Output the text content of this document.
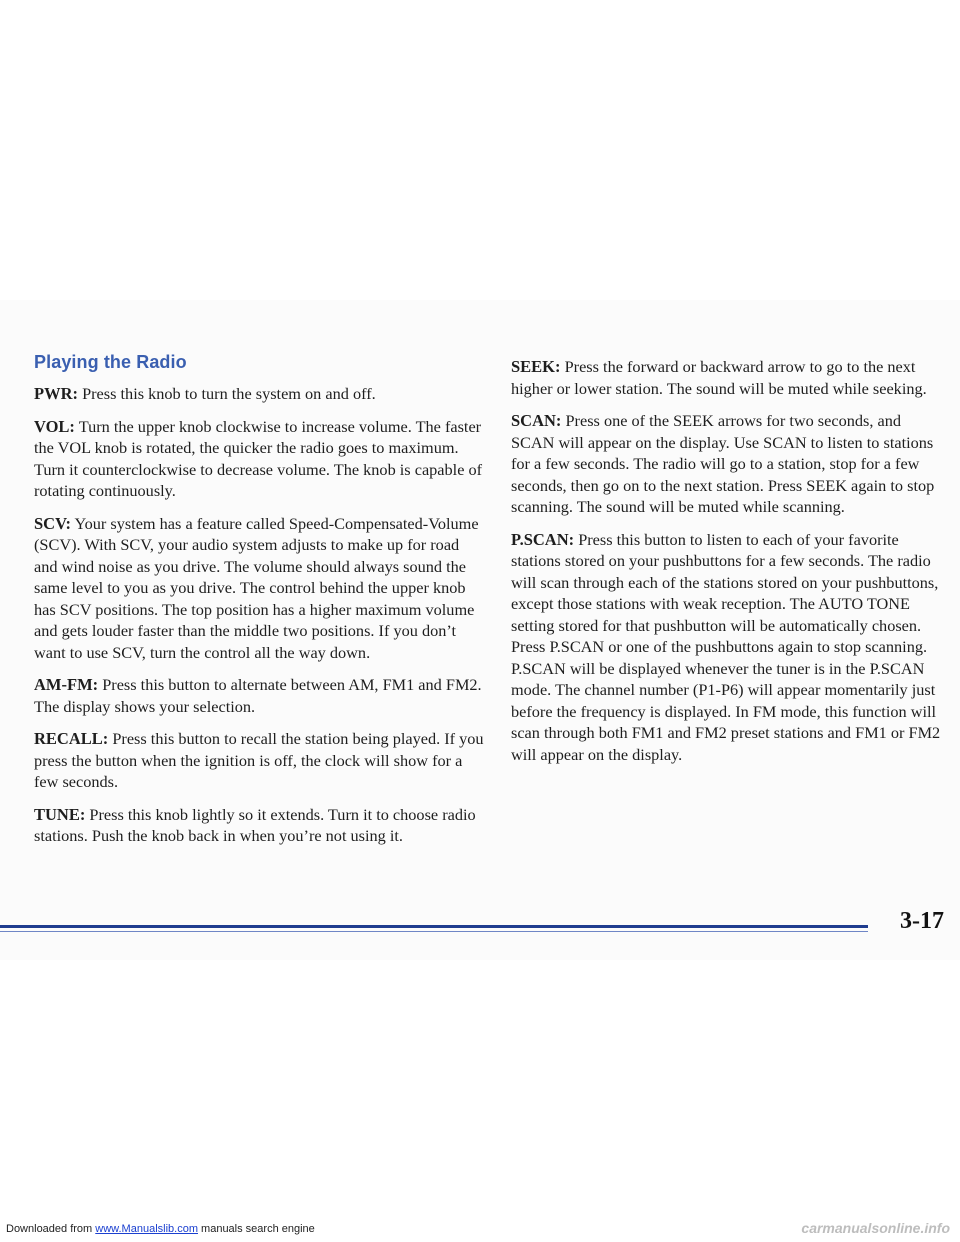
Playing the Radio

PWR: Press this knob to turn the system on and off.

VOL: Turn the upper knob clockwise to increase volume. The faster the VOL knob is rotated, the quicker the radio goes to maximum. Turn it counterclockwise to decrease volume. The knob is capable of rotating continuously.

SCV: Your system has a feature called Speed-Compensated-Volume (SCV). With SCV, your audio system adjusts to make up for road and wind noise as you drive. The volume should always sound the same level to you as you drive. The control behind the upper knob has SCV positions. The top position has a higher maximum volume and gets louder faster than the middle two positions. If you don’t want to use SCV, turn the control all the way down.

AM-FM: Press this button to alternate between AM, FM1 and FM2. The display shows your selection.

RECALL: Press this button to recall the station being played. If you press the button when the ignition is off, the clock will show for a few seconds.

TUNE: Press this knob lightly so it extends. Turn it to choose radio stations. Push the knob back in when you’re not using it.

SEEK: Press the forward or backward arrow to go to the next higher or lower station. The sound will be muted while seeking.

SCAN: Press one of the SEEK arrows for two seconds, and SCAN will appear on the display. Use SCAN to listen to stations for a few seconds. The radio will go to a station, stop for a few seconds, then go on to the next station. Press SEEK again to stop scanning. The sound will be muted while scanning.

P.SCAN: Press this button to listen to each of your favorite stations stored on your pushbuttons for a few seconds. The radio will scan through each of the stations stored on your pushbuttons, except those stations with weak reception. The AUTO TONE setting stored for that pushbutton will be automatically chosen. Press P.SCAN or one of the pushbuttons again to stop scanning. P.SCAN will be displayed whenever the tuner is in the P.SCAN mode. The channel number (P1-P6) will appear momentarily just before the frequency is displayed. In FM mode, this function will scan through both FM1 and FM2 preset stations and FM1 or FM2 will appear on the display.

3-17
Downloaded from www.Manualslib.com manuals search engine	carmanualsonline.info
